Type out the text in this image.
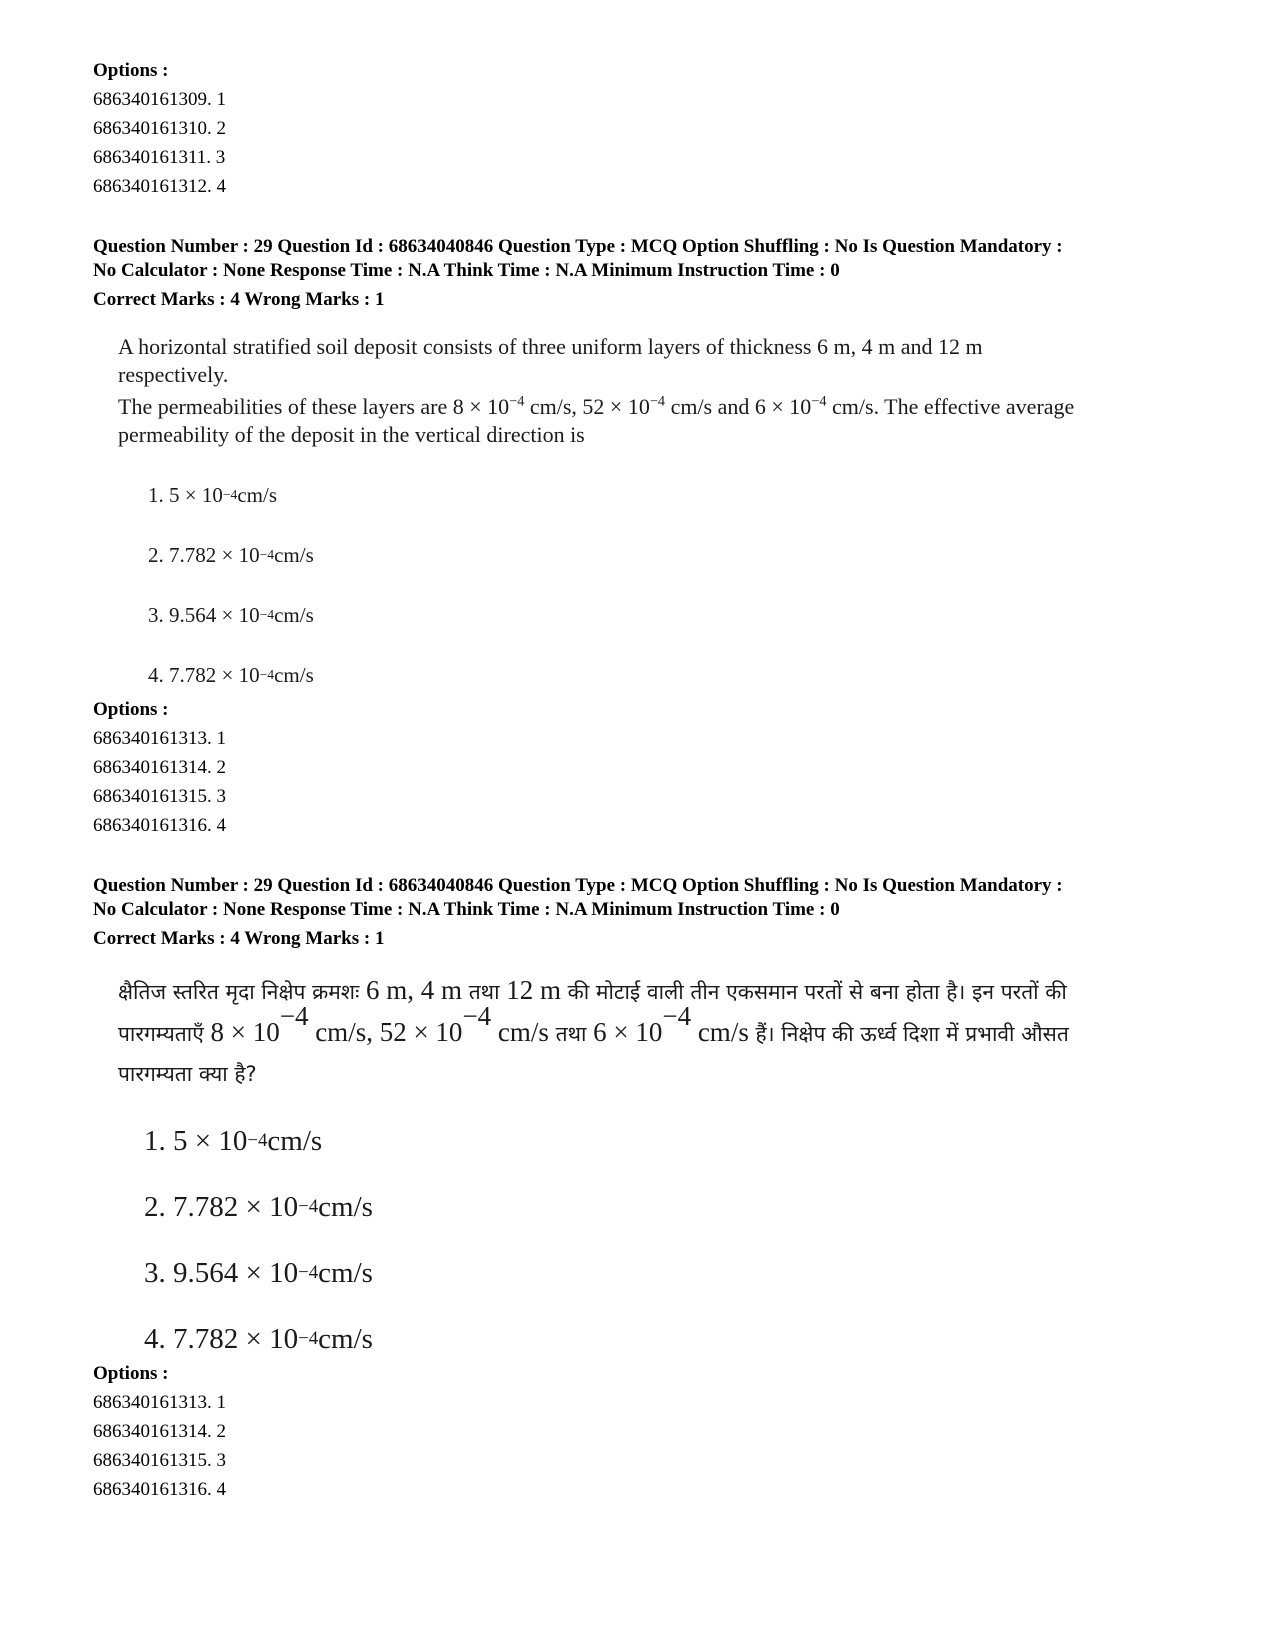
Options :
686340161309. 1
686340161310. 2
686340161311. 3
686340161312. 4
Question Number : 29 Question Id : 68634040846 Question Type : MCQ Option Shuffling : No Is Question Mandatory :
No Calculator : None Response Time : N.A Think Time : N.A Minimum Instruction Time : 0
Correct Marks : 4 Wrong Marks : 1

A horizontal stratified soil deposit consists of three uniform layers of thickness 6 m, 4 m and 12 m respectively.

The permeabilities of these layers are $8 \times 10^{-4}$ cm/s, $52 \times 10^{-4}$ cm/s and $6 \times 10^{-4}$ cm/s. The effective average permeability of the deposit in the vertical direction is

1. 5 × 10 −4 cm/s
2. 7.782 × 10 −4 cm/s
3. 9.564 × 10 −4 cm/s
4. 7.782 × 10 −4 cm/s
Options :
686340161313. 1
686340161314. 2
686340161315. 3
686340161316. 4
Question Number : 29 Question Id : 68634040846 Question Type : MCQ Option Shuffling : No Is Question Mandatory :
No Calculator : None Response Time : N.A Think Time : N.A Minimum Instruction Time : 0
Correct Marks : 4 Wrong Marks : 1
क्षैतिज स्तरित मृदा निक्षेप क्रमशः 6 m, 4 m तथा 12 m की मोटाई वाली तीन एकसमान परतों से बना होता है। इन परतों की
पारगम्यताएँ $8 \times 10^{-4}$ cm/s, $52 \times 10^{-4}$ cm/s तथा $6 \times 10^{-4}$ cm/s हैं। निक्षेप की ऊर्ध्व दिशा में प्रभावी औसत
पारगम्यता क्या है?
1. 5 × 10 −4 cm/s
2. 7.782 × 10 −4 cm/s
3. 9.564 × 10 −4 cm/s
4. 7.782 × 10 −4 cm/s
Options :
686340161313. 1
686340161314. 2
686340161315. 3
686340161316. 4
